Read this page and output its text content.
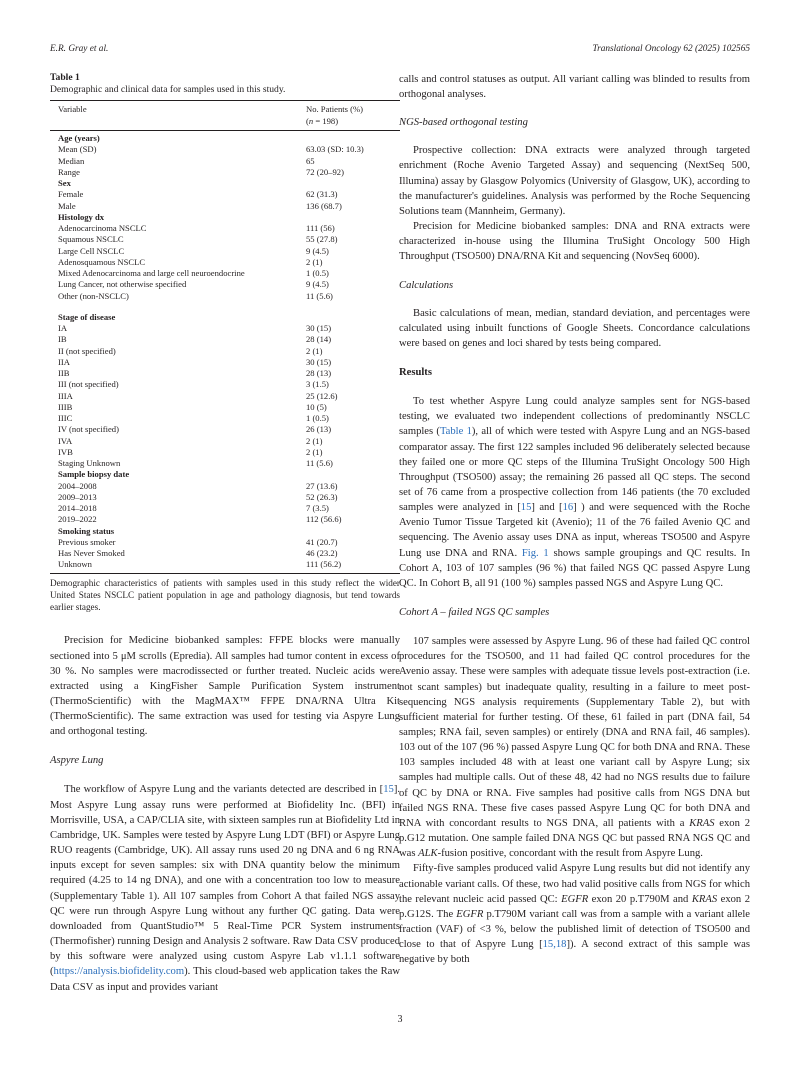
E.R. Gray et al.	Translational Oncology 62 (2025) 102565
Table 1
Demographic and clinical data for samples used in this study.
Variable	No. Patients (%)
(n = 198)
Age (years)
Mean (SD)	63.03 (SD: 10.3)
Median	65
Range	72 (20–92)
Sex
Female	62 (31.3)
Male	136 (68.7)
Histology dx
Adenocarcinoma NSCLC	111 (56)
Squamous NSCLC	55 (27.8)
Large Cell NSCLC	9 (4.5)
Adenosquamous NSCLC	2 (1)
Mixed Adenocarcinoma and large cell neuroendocrine	1 (0.5)
Lung Cancer, not otherwise specified	9 (4.5)
Other (non-NSCLC)	11 (5.6)
Stage of disease
IA	30 (15)
IB	28 (14)
II (not specified)	2 (1)
IIA	30 (15)
IIB	28 (13)
III (not specified)	3 (1.5)
IIIA	25 (12.6)
IIIB	10 (5)
IIIC	1 (0.5)
IV (not specified)	26 (13)
IVA	2 (1)
IVB	2 (1)
Staging Unknown	11 (5.6)
Sample biopsy date
2004–2008	27 (13.6)
2009–2013	52 (26.3)
2014–2018	7 (3.5)
2019–2022	112 (56.6)
Smoking status
Previous smoker	41 (20.7)
Has Never Smoked	46 (23.2)
Unknown	111 (56.2)
Demographic characteristics of patients with samples used in this study reflect the wider United States NSCLC patient population in age and pathology diagnosis, but tend towards earlier stages.

Precision for Medicine biobanked samples: FFPE blocks were manually sectioned into 5 μM scrolls (Epredia). All samples had tumor content in excess of 30 %. No samples were macrodissected or further treated. Nucleic acids were extracted using a KingFisher Sample Purification System instrument (ThermoScientific) with the MagMAX™ FFPE DNA/RNA Ultra Kit (ThermoScientific). The same extraction was used for testing via Aspyre Lung and orthogonal testing.

Aspyre Lung

The workflow of Aspyre Lung and the variants detected are described in [15]. Most Aspyre Lung assay runs were performed at Biofidelity Inc. (BFI) in Morrisville, USA, a CAP/CLIA site, with sixteen samples run at Biofidelity Ltd in Cambridge, UK. Samples were tested by Aspyre Lung LDT (BFI) or Aspyre Lung RUO reagents (Cambridge, UK). All assay runs used 20 ng DNA and 6 ng RNA inputs except for seven samples: six with DNA quantity below the minimum required (4.25 to 14 ng DNA), and one with a concentration too low to measure (Supplementary Table 1). All 107 samples from Cohort A that failed NGS assay QC were run through Aspyre Lung without any further QC gating. Data were downloaded from QuantStudio™ 5 Real-Time PCR System instruments (Thermofisher) running Design and Analysis 2 software. Raw Data CSV produced by this software were analyzed using custom Aspyre Lab v1.1.1 software (https://analysis.biofidelity.com). This cloud-based web application takes the Raw Data CSV as input and provides variant

calls and control statuses as output. All variant calling was blinded to results from orthogonal analyses.

NGS-based orthogonal testing

Prospective collection: DNA extracts were analyzed through targeted enrichment (Roche Avenio Targeted Assay) and sequencing (NextSeq 500, Illumina) assay by Glasgow Polyomics (University of Glasgow, UK), according to the manufacturer's guidelines. Analysis was performed by the Roche Sequencing Solutions team (Mannheim, Germany).

Precision for Medicine biobanked samples: DNA and RNA extracts were characterized in-house using the Illumina TruSight Oncology 500 High Throughput (TSO500) DNA/RNA Kit and sequencing (NovSeq 6000).

Calculations

Basic calculations of mean, median, standard deviation, and percentages were calculated using inbuilt functions of Google Sheets. Concordance calculations were based on genes and loci shared by tests being compared.

Results

To test whether Aspyre Lung could analyze samples sent for NGS-based testing, we evaluated two independent collections of predominantly NSCLC samples (Table 1), all of which were tested with Aspyre Lung and an NGS-based comparator assay. The first 122 samples included 96 deliberately selected because they failed one or more QC steps of the Illumina TruSight Oncology 500 High Throughput (TSO500) assay; the remaining 26 passed all QC steps. The second set of 76 came from a prospective collection from 146 patients (the 70 excluded samples were analyzed in [15] and [16] ) and were sequenced with the Roche Avenio Tumor Tissue Targeted kit (Avenio); 11 of the 76 failed Avenio QC and sequencing. The Avenio assay uses DNA as input, whereas TSO500 and Aspyre Lung use DNA and RNA. Fig. 1 shows sample groupings and QC results. In Cohort A, 103 of 107 samples (96 %) that failed NGS QC passed Aspyre Lung QC. In Cohort B, all 91 (100 %) samples passed NGS and Aspyre Lung QC.

Cohort A – failed NGS QC samples

107 samples were assessed by Aspyre Lung. 96 of these had failed QC control procedures for the TSO500, and 11 had failed QC control procedures for the Avenio assay. These were samples with adequate tissue levels post-extraction (i.e. not scant samples) but inadequate quality, resulting in a failure to meet post-sequencing NGS analysis requirements (Supplementary Table 2), but with sufficient material for further testing. Of these, 61 failed in part (DNA fail, 54 samples; RNA fail, seven samples) or entirely (DNA and RNA fail, 46 samples). 103 out of the 107 (96 %) passed Aspyre Lung QC for both DNA and RNA. These 103 samples included 48 with at least one variant call by Aspyre Lung; six samples had multiple calls. Out of these 48, 42 had no NGS results due to failure of QC by DNA or RNA. Five samples had positive calls from NGS DNA but failed NGS RNA. These five cases passed Aspyre Lung QC for both DNA and RNA with concordant results to NGS DNA, all patients with a KRAS exon 2 p.G12 mutation. One sample failed DNA NGS QC but passed RNA NGS QC and was ALK-fusion positive, concordant with the result from Aspyre Lung.

Fifty-five samples produced valid Aspyre Lung results but did not identify any actionable variant calls. Of these, two had valid positive calls from NGS for which the relevant nucleic acid passed QC: EGFR exon 20 p.T790M and KRAS exon 2 p.G12S. The EGFR p.T790M variant call was from a sample with a variant allele fraction (VAF) of <3 %, below the published limit of detection of TSO500 and close to that of Aspyre Lung [15,18]). A second extract of this sample was negative by both

3
